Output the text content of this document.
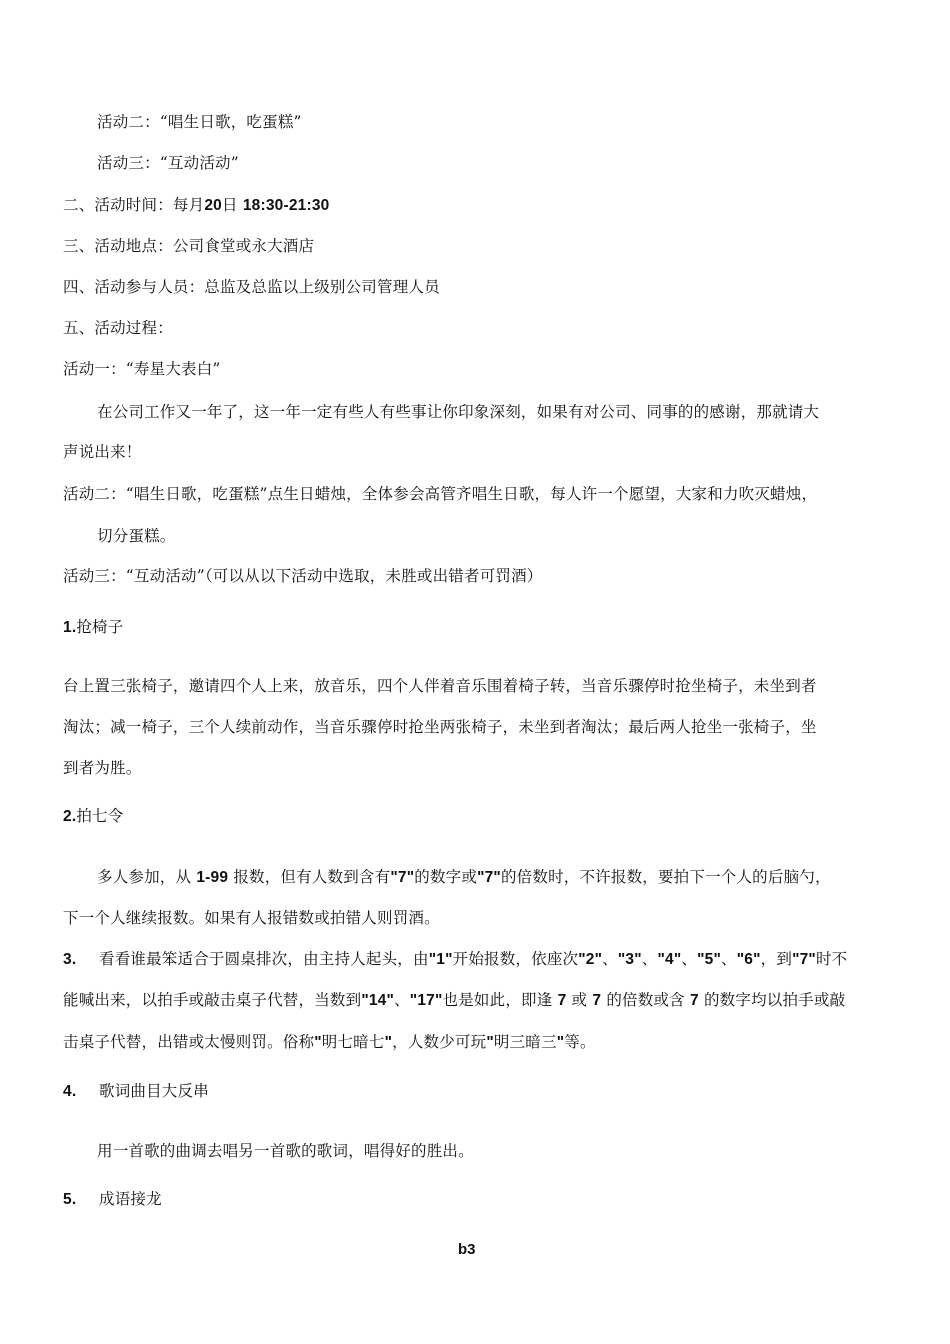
活动二：“唱生日歌，吃蛋糕”
活动三：“互动活动”
二、活动时间：每月20日 18:30-21:30
三、活动地点：公司食堂或永大酒店
四、活动参与人员：总监及总监以上级别公司管理人员
五、活动过程：
活动一：“寿星大表白”
在公司工作又一年了，这一年一定有些人有些事让你印象深刻，如果有对公司、同事的的感谢，那就请大
声说出来！
活动二：“唱生日歌，吃蛋糕”点生日蜡烛，全体参会高管齐唱生日歌，每人许一个愿望，大家和力吹灭蜡烛，
切分蛋糕。
活动三：“互动活动”（可以从以下活动中选取，未胜或出错者可罚酒）
1.抢椅子
台上置三张椅子，邀请四个人上来，放音乐，四个人伴着音乐围着椅子转，当音乐骤停时抢坐椅子，未坐到者
淘汰；减一椅子，三个人续前动作，当音乐骤停时抢坐两张椅子，未坐到者淘汰；最后两人抢坐一张椅子，坐
到者为胜。
2.拍七令
多人参加，从 1-99 报数，但有人数到含有"7"的数字或"7"的倍数时，不许报数，要拍下一个人的后脑勺，
下一个人继续报数。如果有人报错数或拍错人则罚酒。
3. 看看谁最笨适合于圆桌排次，由主持人起头，由"1"开始报数，依座次"2"、"3"、"4"、"5"、"6"，到"7"时不
能喊出来，以拍手或敲击桌子代替，当数到"14"、"17"也是如此，即逢 7 或 7 的倍数或含 7 的数字均以拍手或敲
击桌子代替，出错或太慢则罚。俗称"明七暗七"，人数少可玩"明三暗三"等。
4. 歌词曲目大反串
用一首歌的曲调去唱另一首歌的歌词，唱得好的胜出。
5. 成语接龙
b3
